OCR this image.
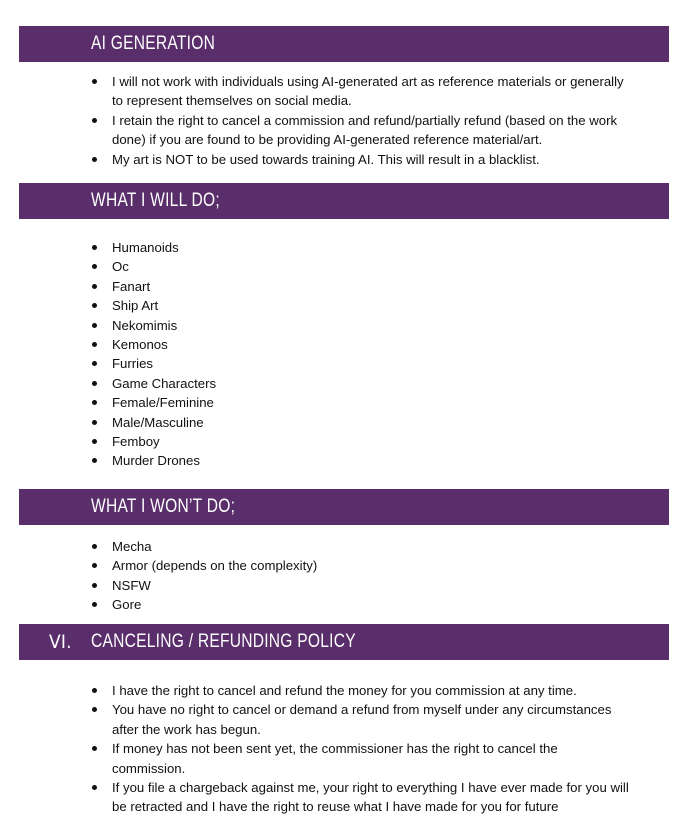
AI GENERATION
I will not work with individuals using AI-generated art as reference materials or generally to represent themselves on social media.
I retain the right to cancel a commission and refund/partially refund (based on the work done) if you are found to be providing AI-generated reference material/art.
My art is NOT to be used towards training AI. This will result in a blacklist.
WHAT I WILL DO;
Humanoids
Oc
Fanart
Ship Art
Nekomimis
Kemonos
Furries
Game Characters
Female/Feminine
Male/Masculine
Femboy
Murder Drones
WHAT I WON’T DO;
Mecha
Armor (depends on the complexity)
NSFW
Gore
VI. CANCELING / REFUNDING POLICY
I have the right to cancel and refund the money for you commission at any time.
You have no right to cancel or demand a refund from myself under any circumstances after the work has begun.
If money has not been sent yet, the commissioner has the right to cancel the commission.
If you file a chargeback against me, your right to everything I have ever made for you will be retracted and I have the right to reuse what I have made for you for future
